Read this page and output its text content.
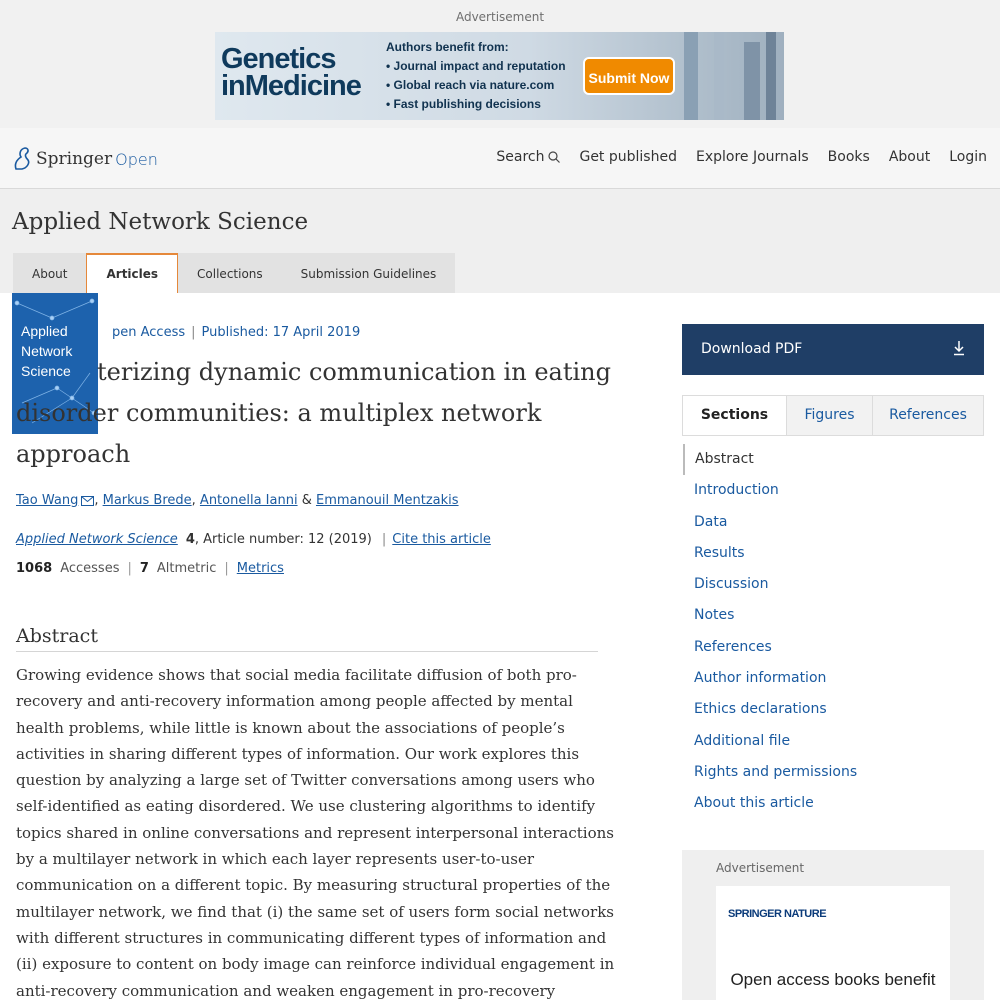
Advertisement
Genetics
inMedicine
Authors benefit from:
• Journal impact and reputation
• Global reach via nature.com
• Fast publishing decisions
Submit Now
Springer Open	Search	Get published Explore Journals Books About Login
Applied Network Science
About	Articles	Collections	Submission Guidelines
Applied
Network
Science
pen Access | Published: 17 April 2019
terizing dynamic communication in eating disorder communities: a multiplex network approach
Tao Wang ,
Markus Brede ,
Antonella Ianni
&
Emmanouil Mentzakis
Applied Network Science 4 , Article number: 12 (2019) | Cite this article
1068 Accesses | 7 Altmetric | Metrics
Abstract

Growing evidence shows that social media facilitate diffusion of both pro-recovery and anti-recovery information among people affected by mental health problems, while little is known about the associations of people’s activities in sharing different types of information. Our work explores this question by analyzing a large set of Twitter conversations among users who self-identified as eating disordered. We use clustering algorithms to identify topics shared in online conversations and represent interpersonal interactions by a multilayer network in which each layer represents user-to-user communication on a different topic. By measuring structural properties of the multilayer network, we find that (i) the same set of users form social networks with different structures in communicating different types of information and (ii) exposure to content on body image can reinforce individual engagement in anti-recovery communication and weaken engagement in pro-recovery

Download PDF
Sections	Figures	References
Abstract
Introduction
Data
Results
Discussion
Notes
References
Author information
Ethics declarations
Additional file
Rights and permissions
About this article
Advertisement
SPRINGER NATURE
Open access books benefit
